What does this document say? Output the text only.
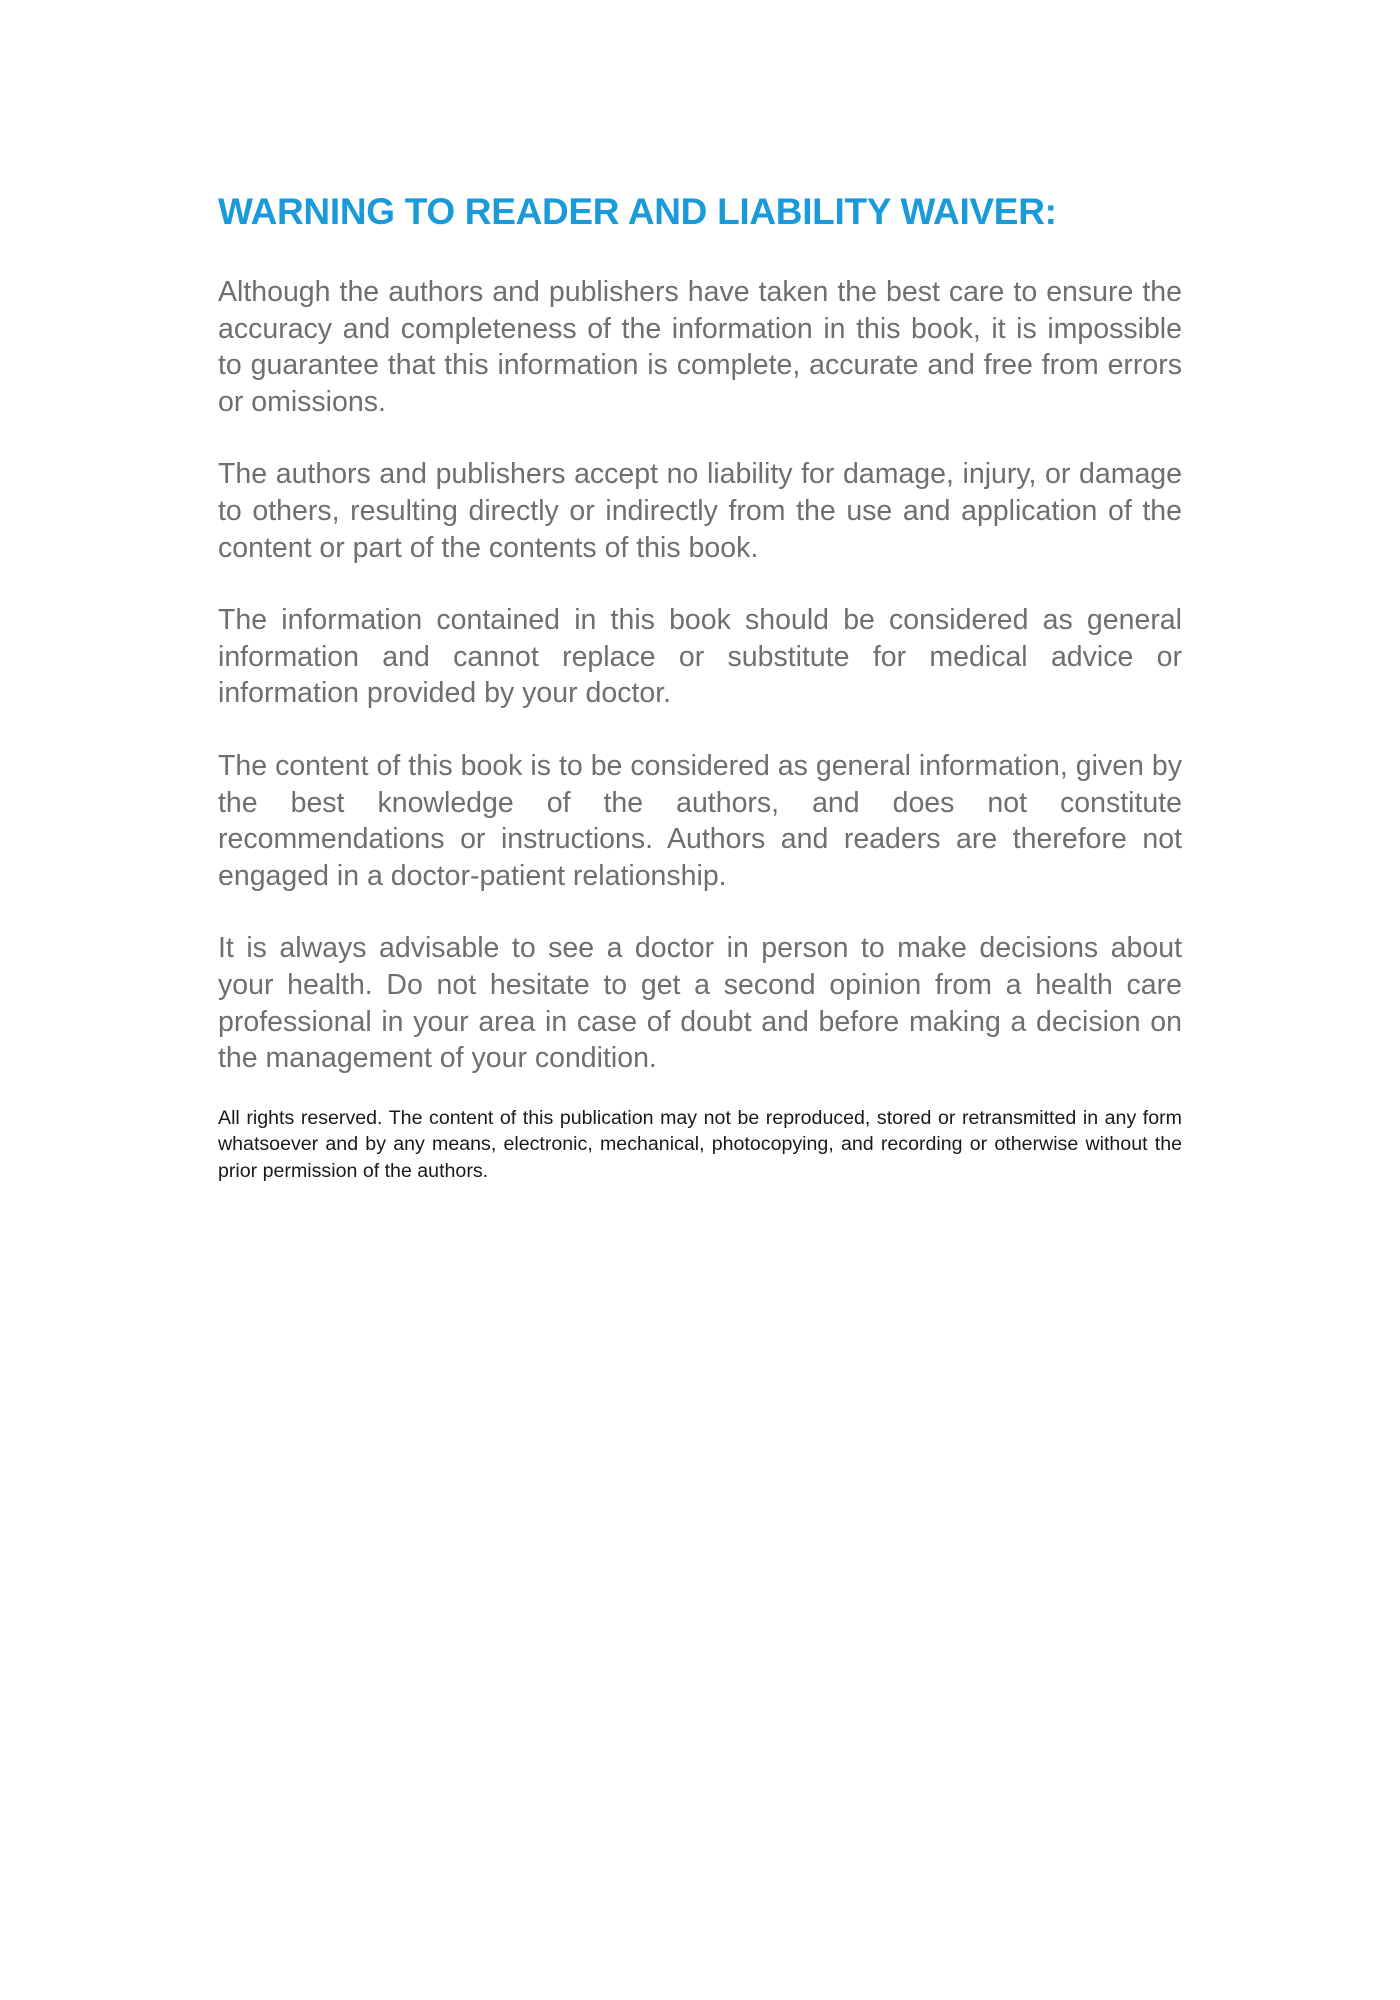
WARNING TO READER AND LIABILITY WAIVER:

Although the authors and publishers have taken the best care to ensure the accuracy and completeness of the information in this book, it is impossible to guarantee that this information is complete, accurate and free from errors or omissions.

The authors and publishers accept no liability for damage, injury, or damage to others, resulting directly or indirectly from the use and application of the content or part of the contents of this book.

The information contained in this book should be considered as general information and cannot replace or substitute for medical advice or information provided by your doctor.

The content of this book is to be considered as general information, given by the best knowledge of the authors, and does not constitute recommendations or instructions. Authors and readers are therefore not engaged in a doctor-patient relationship.

It is always advisable to see a doctor in person to make decisions about your health. Do not hesitate to get a second opinion from a health care professional in your area in case of doubt and before making a decision on the management of your condition.

All rights reserved. The content of this publication may not be reproduced, stored or retransmitted in any form whatsoever and by any means, electronic, mechanical, photocopying, and recording or otherwise without the prior permission of the authors.
